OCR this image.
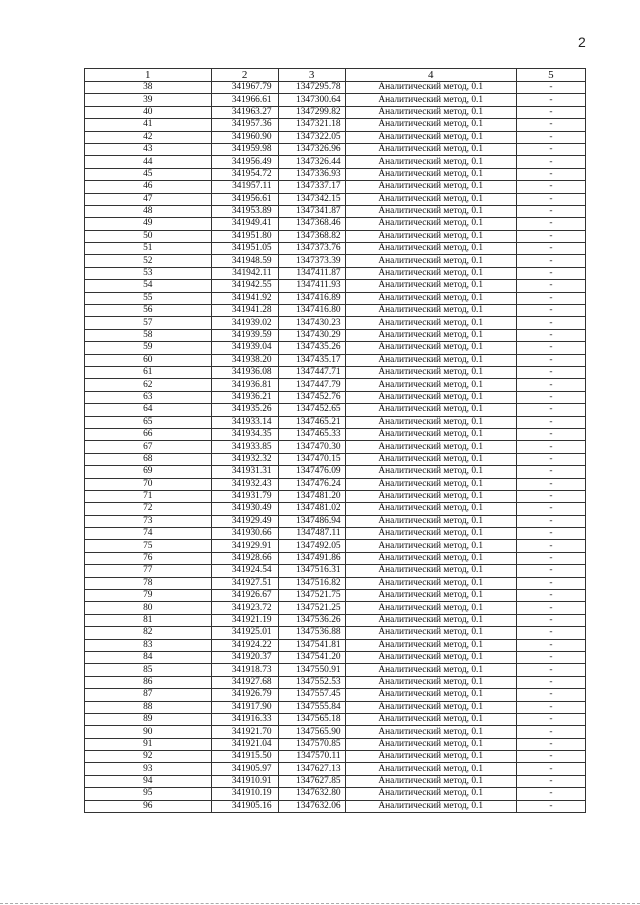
2
1	2	3	4	5
38	341967.79	1347295.78	Аналитический метод, 0.1	-
39	341966.61	1347300.64	Аналитический метод, 0.1	-
40	341963.27	1347299.82	Аналитический метод, 0.1	-
41	341957.36	1347321.18	Аналитический метод, 0.1	-
42	341960.90	1347322.05	Аналитический метод, 0.1	-
43	341959.98	1347326.96	Аналитический метод, 0.1	-
44	341956.49	1347326.44	Аналитический метод, 0.1	-
45	341954.72	1347336.93	Аналитический метод, 0.1	-
46	341957.11	1347337.17	Аналитический метод, 0.1	-
47	341956.61	1347342.15	Аналитический метод, 0.1	-
48	341953.89	1347341.87	Аналитический метод, 0.1	-
49	341949.41	1347368.46	Аналитический метод, 0.1	-
50	341951.80	1347368.82	Аналитический метод, 0.1	-
51	341951.05	1347373.76	Аналитический метод, 0.1	-
52	341948.59	1347373.39	Аналитический метод, 0.1	-
53	341942.11	1347411.87	Аналитический метод, 0.1	-
54	341942.55	1347411.93	Аналитический метод, 0.1	-
55	341941.92	1347416.89	Аналитический метод, 0.1	-
56	341941.28	1347416.80	Аналитический метод, 0.1	-
57	341939.02	1347430.23	Аналитический метод, 0.1	-
58	341939.59	1347430.29	Аналитический метод, 0.1	-
59	341939.04	1347435.26	Аналитический метод, 0.1	-
60	341938.20	1347435.17	Аналитический метод, 0.1	-
61	341936.08	1347447.71	Аналитический метод, 0.1	-
62	341936.81	1347447.79	Аналитический метод, 0.1	-
63	341936.21	1347452.76	Аналитический метод, 0.1	-
64	341935.26	1347452.65	Аналитический метод, 0.1	-
65	341933.14	1347465.21	Аналитический метод, 0.1	-
66	341934.35	1347465.33	Аналитический метод, 0.1	-
67	341933.85	1347470.30	Аналитический метод, 0.1	-
68	341932.32	1347470.15	Аналитический метод, 0.1	-
69	341931.31	1347476.09	Аналитический метод, 0.1	-
70	341932.43	1347476.24	Аналитический метод, 0.1	-
71	341931.79	1347481.20	Аналитический метод, 0.1	-
72	341930.49	1347481.02	Аналитический метод, 0.1	-
73	341929.49	1347486.94	Аналитический метод, 0.1	-
74	341930.66	1347487.11	Аналитический метод, 0.1	-
75	341929.91	1347492.05	Аналитический метод, 0.1	-
76	341928.66	1347491.86	Аналитический метод, 0.1	-
77	341924.54	1347516.31	Аналитический метод, 0.1	-
78	341927.51	1347516.82	Аналитический метод, 0.1	-
79	341926.67	1347521.75	Аналитический метод, 0.1	-
80	341923.72	1347521.25	Аналитический метод, 0.1	-
81	341921.19	1347536.26	Аналитический метод, 0.1	-
82	341925.01	1347536.88	Аналитический метод, 0.1	-
83	341924.22	1347541.81	Аналитический метод, 0.1	-
84	341920.37	1347541.20	Аналитический метод, 0.1	-
85	341918.73	1347550.91	Аналитический метод, 0.1	-
86	341927.68	1347552.53	Аналитический метод, 0.1	-
87	341926.79	1347557.45	Аналитический метод, 0.1	-
88	341917.90	1347555.84	Аналитический метод, 0.1	-
89	341916.33	1347565.18	Аналитический метод, 0.1	-
90	341921.70	1347565.90	Аналитический метод, 0.1	-
91	341921.04	1347570.85	Аналитический метод, 0.1	-
92	341915.50	1347570.11	Аналитический метод, 0.1	-
93	341905.97	1347627.13	Аналитический метод, 0.1	-
94	341910.91	1347627.85	Аналитический метод, 0.1	-
95	341910.19	1347632.80	Аналитический метод, 0.1	-
96	341905.16	1347632.06	Аналитический метод, 0.1	-
